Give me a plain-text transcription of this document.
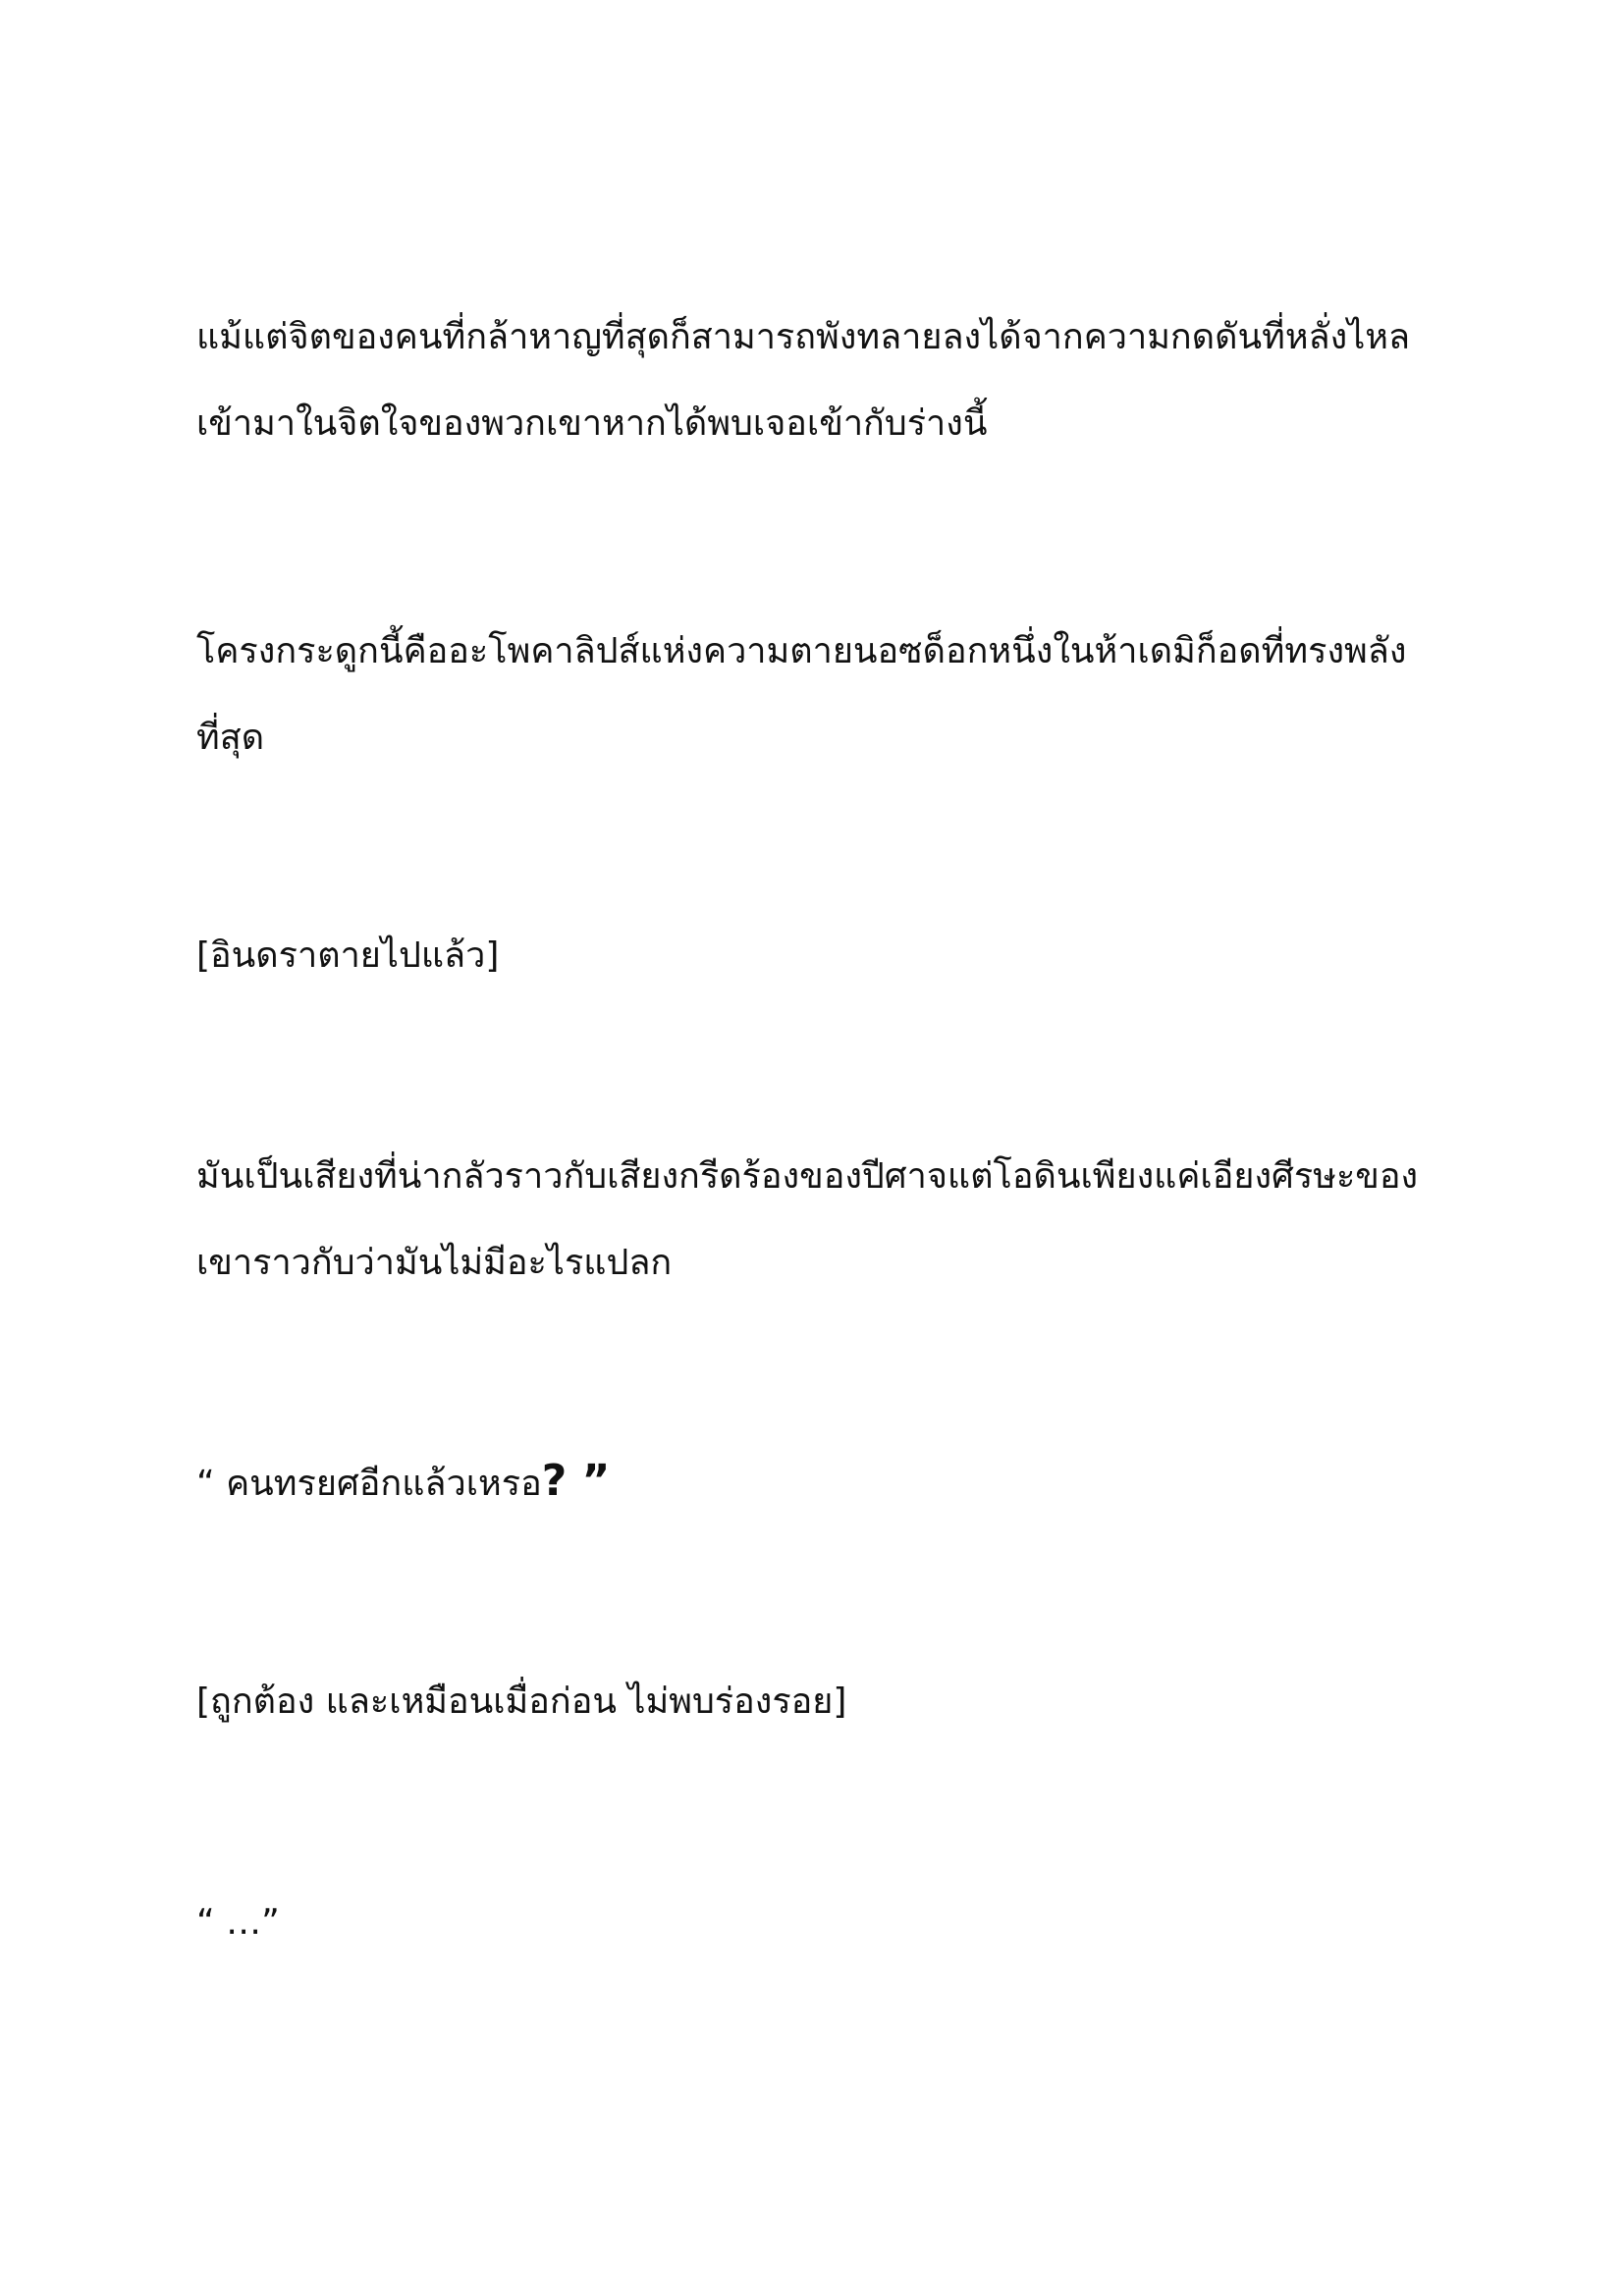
แม้แต่จิตของคนที่กล้าหาญที่สุดก็สามารถพังทลายลงได้จากความกดดันที่หลั่งไหล
เข้ามาในจิตใจของพวกเขาหากได้พบเจอเข้ากับร่างนี้

โครงกระดูกนี้คืออะโพคาลิปส์แห่งความตายนอซด็อกหนึ่งในห้าเดมิก็อดที่ทรงพลัง
ที่สุด

[อินดราตายไปแล้ว]

มันเป็นเสียงที่น่ากลัวราวกับเสียงกรีดร้องของปีศาจแต่โอดินเพียงแค่เอียงศีรษะของ
เขาราวกับว่ามันไม่มีอะไรแปลก

“ คนทรยศอีกแล้วเหรอ? ”

[ถูกต้อง และเหมือนเมื่อก่อน ไม่พบร่องรอย]

“ …”
